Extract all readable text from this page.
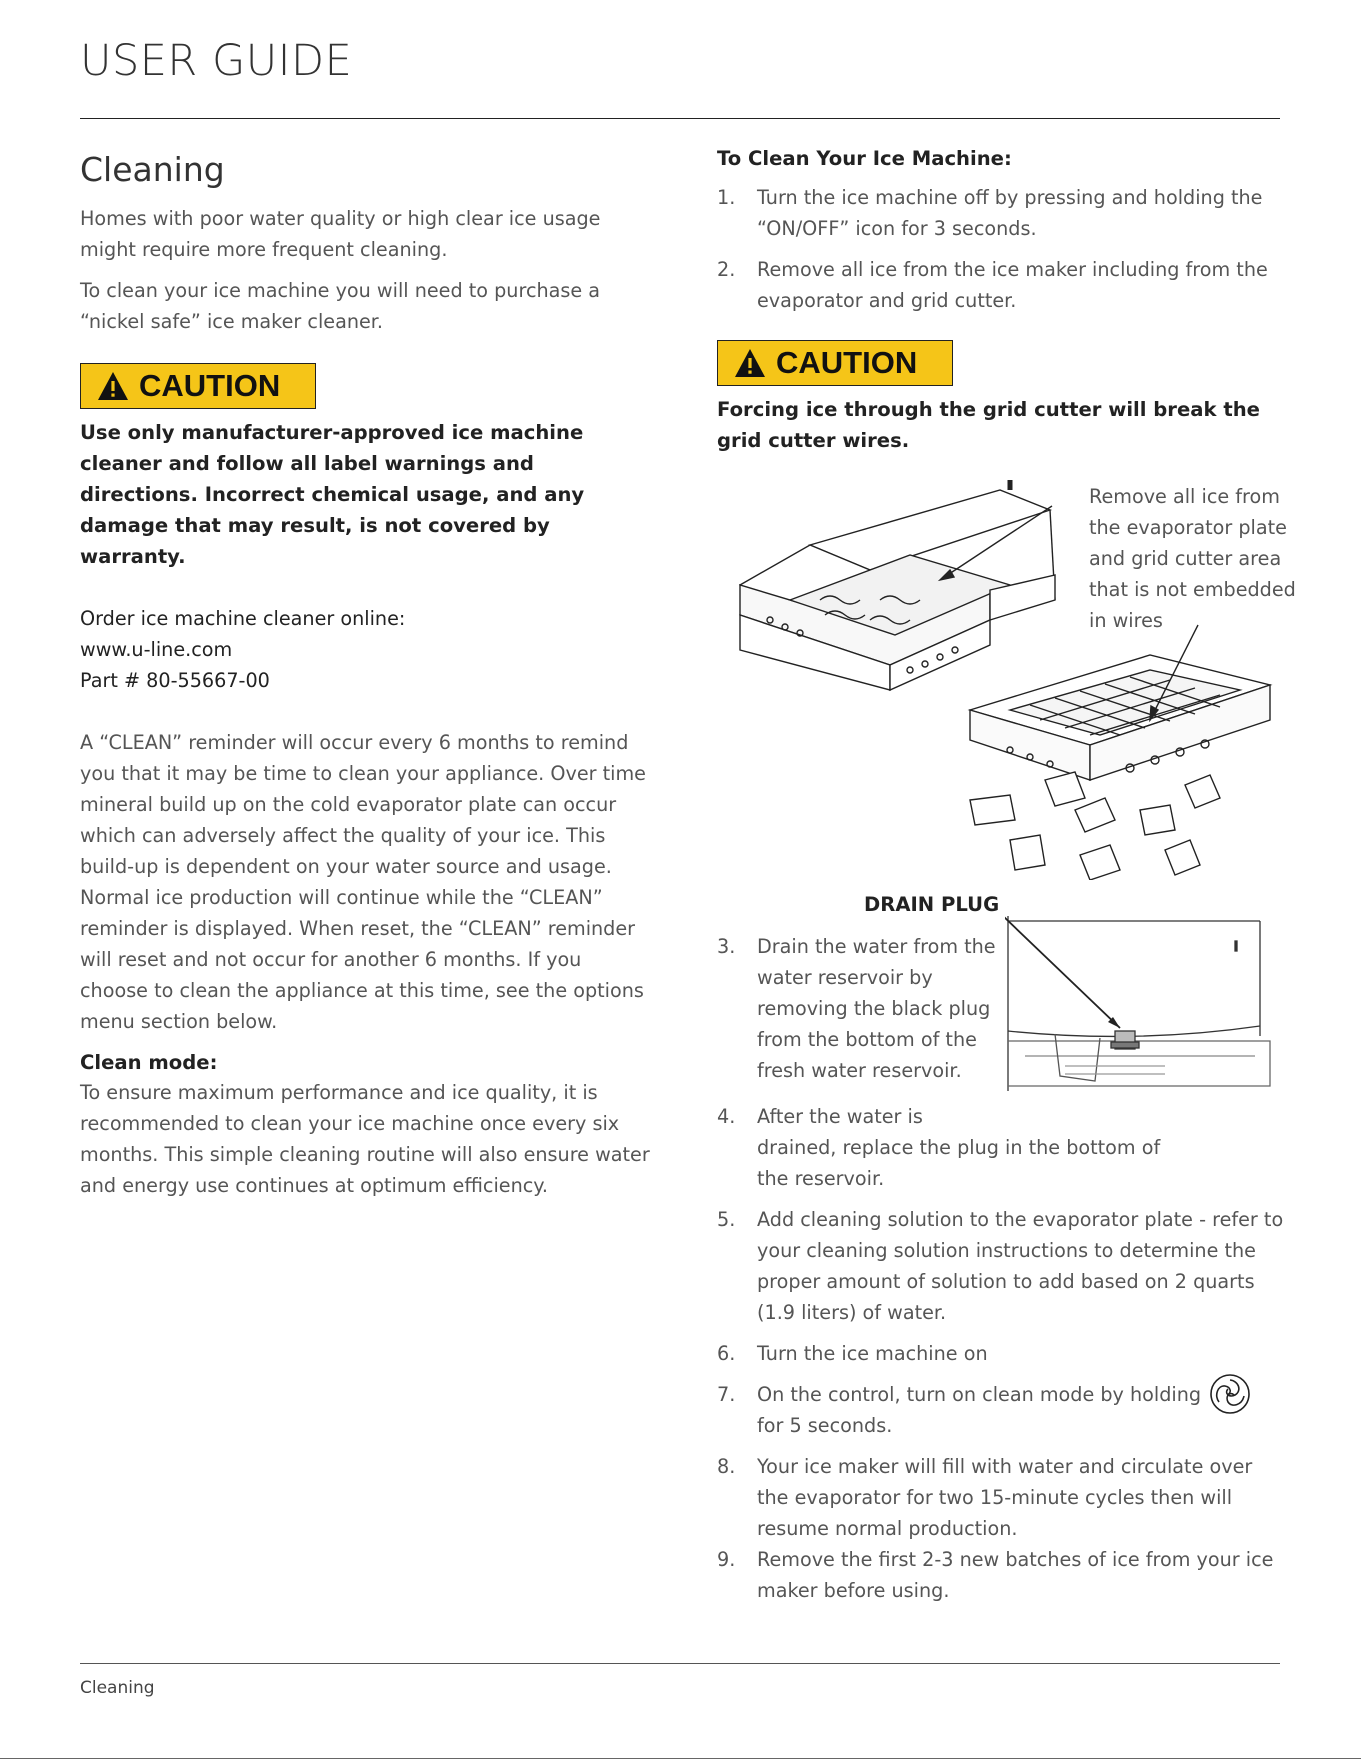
USER GUIDE
Cleaning

Homes with poor water quality or high clear ice usage might require more frequent cleaning.

To clean your ice machine you will need to purchase a “nickel safe” ice maker cleaner.

CAUTION

Use only manufacturer-approved ice machine cleaner and follow all label warnings and directions. Incorrect chemical usage, and any damage that may result, is not covered by warranty.

Order ice machine cleaner online:
www.u-line.com
Part # 80-55667-00

A “CLEAN” reminder will occur every 6 months to remind you that it may be time to clean your appliance. Over time mineral build up on the cold evaporator plate can occur which can adversely affect the quality of your ice. This build-up is dependent on your water source and usage. Normal ice production will continue while the “CLEAN” reminder is displayed. When reset, the “CLEAN” reminder will reset and not occur for another 6 months. If you choose to clean the appliance at this time, see the options menu section below.

Clean mode:

To ensure maximum performance and ice quality, it is recommended to clean your ice machine once every six months. This simple cleaning routine will also ensure water and energy use continues at optimum efficiency.

To Clean Your Ice Machine:
1. Turn the ice machine off by pressing and holding the “ON/OFF” icon for 3 seconds.
2. Remove all ice from the ice maker including from the evaporator and grid cutter.
CAUTION

Forcing ice through the grid cutter will break the grid cutter wires.

Remove all ice from the evaporator plate and grid cutter area that is not embedded in wires
DRAIN PLUG
3. Drain the water from the water reservoir by removing the black plug from the bottom of the fresh water reservoir.
4. After the water is
drained, replace the plug in the bottom of the reservoir.
5. Add cleaning solution to the evaporator plate - refer to your cleaning solution instructions to determine the proper amount of solution to add based on 2 quarts (1.9 liters) of water.
6. Turn the ice machine on
7. On the control, turn on clean mode by holding
for 5 seconds.
8. Your ice maker will fill with water and circulate over the evaporator for two 15-minute cycles then will resume normal production.
9. Remove the first 2-3 new batches of ice from your ice maker before using.
Cleaning
